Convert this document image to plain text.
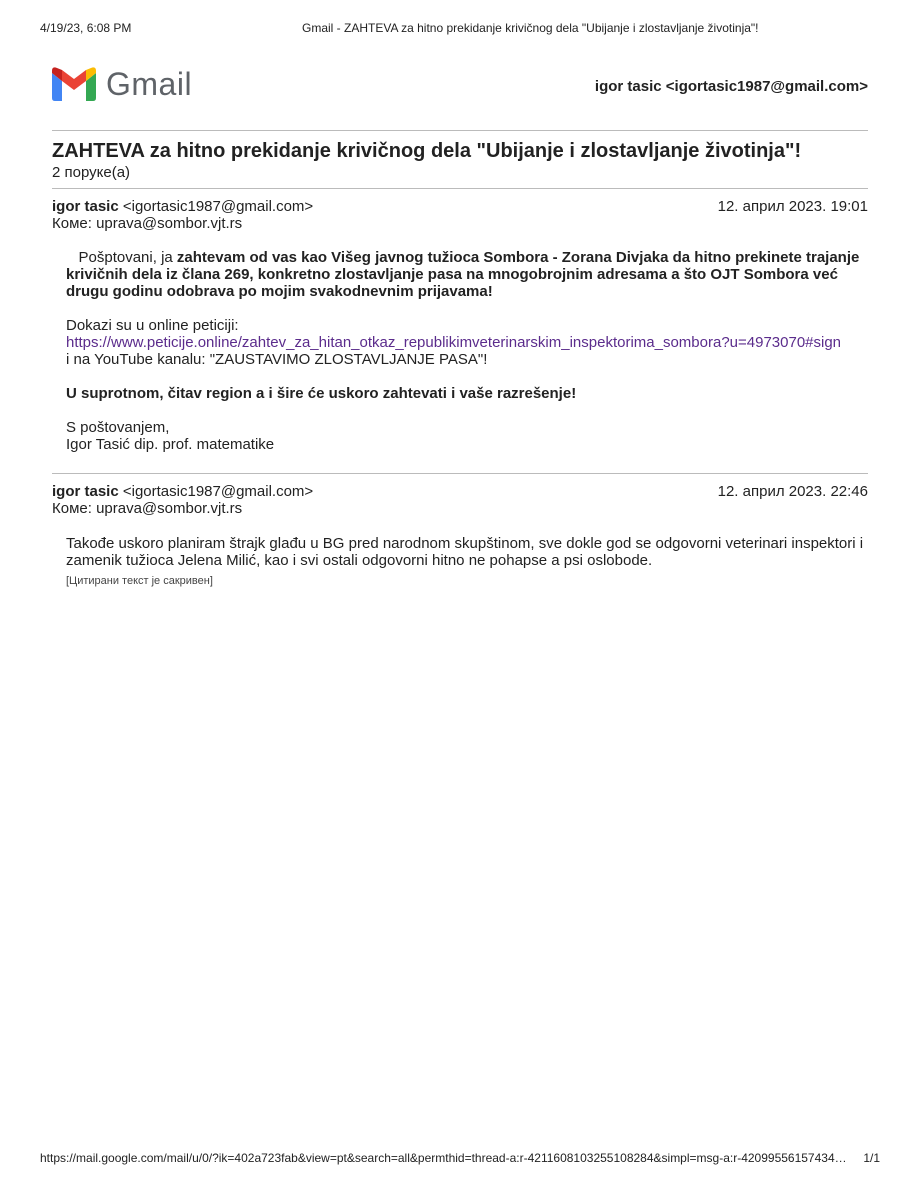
4/19/23, 6:08 PM	Gmail - ZAHTEVA za hitno prekidanje krivičnog dela "Ubijanje i zlostavljanje životinja"!
Gmail	igor tasic <igortasic1987@gmail.com>
ZAHTEVA za hitno prekidanje krivičnog dela "Ubijanje i zlostavljanje životinja"!
2 поруке(а)
igor tasic <igortasic1987@gmail.com>	12. април 2023. 19:01
Коме: uprava@sombor.vjt.rs

Pošptovani, ja zahtevam od vas kao Višeg javnog tužioca Sombora - Zorana Divjaka da hitno prekinete trajanje krivičnih dela iz člana 269, konkretno zlostavljanje pasa na mnogobrojnim adresama a što OJT Sombora već drugu godinu odobrava po mojim svakodnevnim prijavama!

Dokazi su u online peticiji:

https://www.peticije.online/zahtev_za_hitan_otkaz_republikimveterinarskim_inspektorima_sombora?u=4973070#sign

i na YouTube kanalu: "ZAUSTAVIMO ZLOSTAVLJANJE PASA"!

U suprotnom, čitav region a i šire će uskoro zahtevati i vaše razrešenje!

S poštovanjem,

Igor Tasić dip. prof. matematike

igor tasic <igortasic1987@gmail.com>	12. април 2023. 22:46
Коме: uprava@sombor.vjt.rs

Takođe uskoro planiram štrajk glađu u BG pred narodnom skupštinom, sve dokle god se odgovorni veterinari inspektori i zamenik tužioca Jelena Milić, kao i svi ostali odgovorni hitno ne pohapse a psi oslobode.

[Цитирани текст је сакривен]
https://mail.google.com/mail/u/0/?ik=402a723fab&view=pt&search=all&permthid=thread-a:r-4211608103255108284&simpl=msg-a:r-42099556157434… 1/1
